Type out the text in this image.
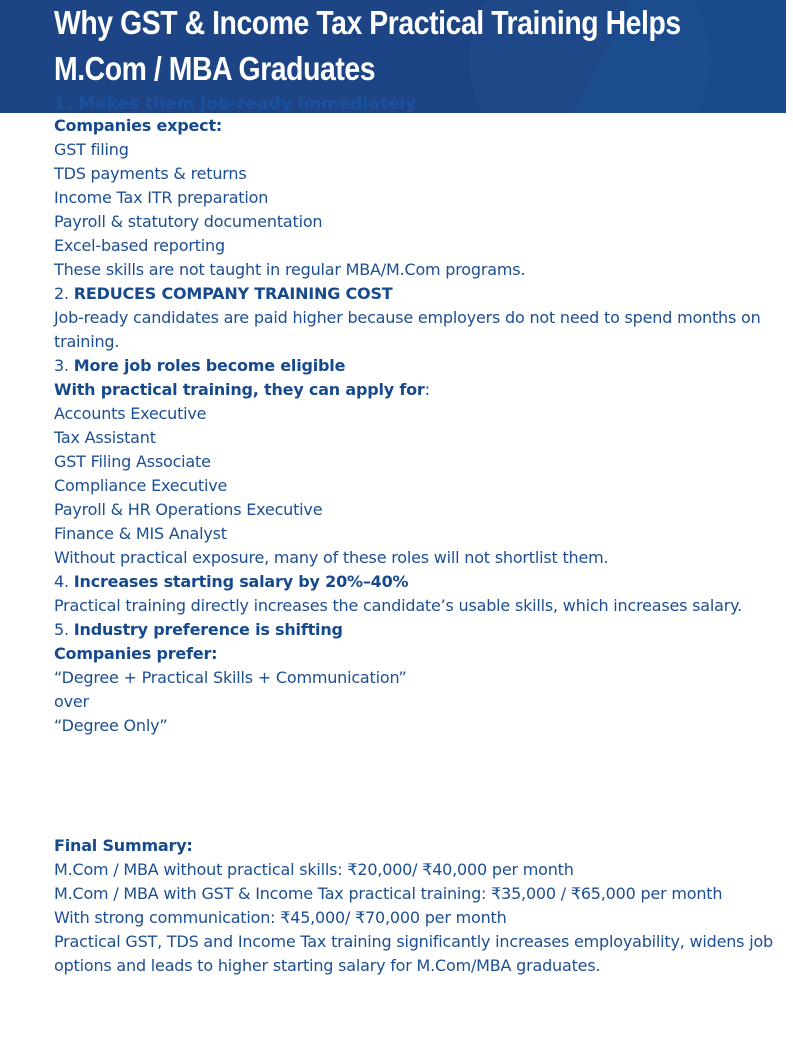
Why GST & Income Tax Practical Training Helps M.Com / MBA Graduates
1. Makes them job-ready immediately
Companies expect:
GST filing
TDS payments & returns
Income Tax ITR preparation
Payroll & statutory documentation
Excel-based reporting
These skills are not taught in regular MBA/M.Com programs.
2. REDUCES COMPANY TRAINING COST
Job-ready candidates are paid higher because employers do not need to spend months on training.
3. More job roles become eligible
With practical training, they can apply for:
Accounts Executive
Tax Assistant
GST Filing Associate
Compliance Executive
Payroll & HR Operations Executive
Finance & MIS Analyst
Without practical exposure, many of these roles will not shortlist them.
4. Increases starting salary by 20%–40%
Practical training directly increases the candidate’s usable skills, which increases salary.
5. Industry preference is shifting
Companies prefer:
“Degree + Practical Skills + Communication”
over
“Degree Only”
Final Summary:
M.Com / MBA without practical skills: ₹20,000/ ₹40,000 per month
M.Com / MBA with GST & Income Tax practical training: ₹35,000 / ₹65,000 per month
With strong communication: ₹45,000/ ₹70,000 per month
Practical GST, TDS and Income Tax training significantly increases employability, widens job options and leads to higher starting salary for M.Com/MBA graduates.
